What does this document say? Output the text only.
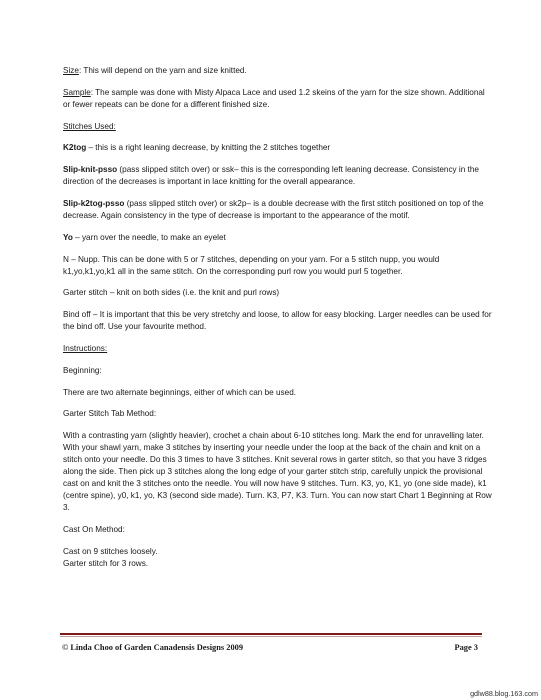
Size: This will depend on the yarn and size knitted.

Sample: The sample was done with Misty Alpaca Lace and used 1.2 skeins of the yarn for the size shown. Additional or fewer repeats can be done for a different finished size.

Stitches Used:

K2tog – this is a right leaning decrease, by knitting the 2 stitches together

Slip-knit-psso (pass slipped stitch over) or ssk– this is the corresponding left leaning decrease. Consistency in the direction of the decreases is important in lace knitting for the overall appearance.

Slip-k2tog-psso (pass slipped stitch over) or sk2p– is a double decrease with the first stitch positioned on top of the decrease. Again consistency in the type of decrease is important to the appearance of the motif.

Yo – yarn over the needle, to make an eyelet

N – Nupp. This can be done with 5 or 7 stitches, depending on your yarn. For a 5 stitch nupp, you would k1,yo,k1,yo,k1 all in the same stitch. On the corresponding purl row you would purl 5 together.

Garter stitch – knit on both sides (i.e. the knit and purl rows)

Bind off – It is important that this be very stretchy and loose, to allow for easy blocking. Larger needles can be used for the bind off. Use your favourite method.

Instructions:

Beginning:

There are two alternate beginnings, either of which can be used.

Garter Stitch Tab Method:

With a contrasting yarn (slightly heavier), crochet a chain about 6-10 stitches long. Mark the end for unravelling later. With your shawl yarn, make 3 stitches by inserting your needle under the loop at the back of the chain and knit on a stitch onto your needle. Do this 3 times to have 3 stitches. Knit several rows in garter stitch, so that you have 3 ridges along the side. Then pick up 3 stitches along the long edge of your garter stitch strip, carefully unpick the provisional cast on and knit the 3 stitches onto the needle. You will now have 9 stitches. Turn. K3, yo, K1, yo (one side made), k1 (centre spine), y0, k1, yo, K3 (second side made). Turn. K3, P7, K3. Turn. You can now start Chart 1 Beginning at Row 3.

Cast On Method:

Cast on 9 stitches loosely.
Garter stitch for 3 rows.

© Linda Choo of Garden Canadensis Designs 2009	Page 3
gdlw88.blog.163.com
